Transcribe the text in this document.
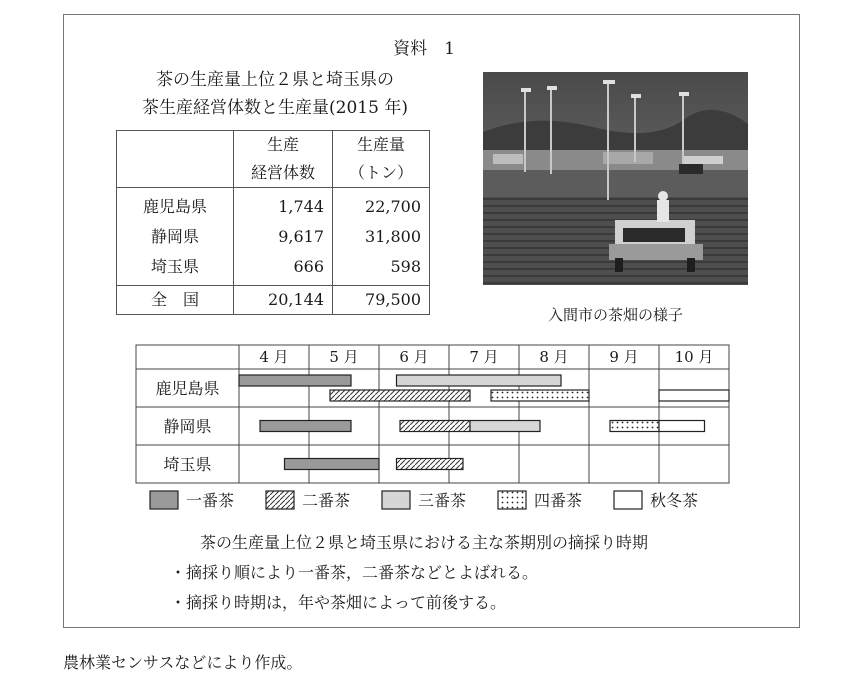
資料　1
茶の生産量上位２県と埼玉県の
茶生産経営体数と生産量(2015 年)
	生産
経営体数	生産量
（トン）
鹿児島県	1,744	22,700
静岡県	9,617	31,800
埼玉県	666	598
全　国	20,144	79,500
入間市の茶畑の様子
4 月	5 月	6 月	7 月	8 月	9 月 10 月
鹿児島県
静岡県
埼玉県
一番茶	二番茶	三番茶	四番茶	秋冬茶
茶の生産量上位２県と埼玉県における主な茶期別の摘採り時期
・摘採り順により一番茶，二番茶などとよばれる。
・摘採り時期は，年や茶畑によって前後する。
農林業センサスなどにより作成。
